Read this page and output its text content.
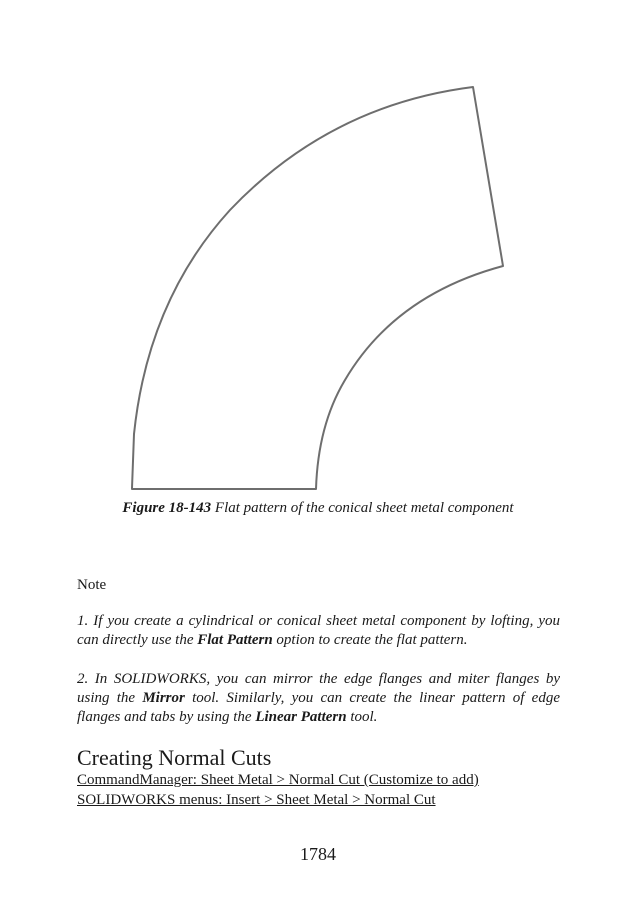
Figure 18-143 Flat pattern of the conical sheet metal component
Note
1. If you create a cylindrical or conical sheet metal component by lofting, you can directly use the Flat Pattern option to create the flat pattern.
2. In SOLIDWORKS, you can mirror the edge flanges and miter flanges by using the Mirror tool. Similarly, you can create the linear pattern of edge flanges and tabs by using the Linear Pattern tool.
Creating Normal Cuts
CommandManager: Sheet Metal > Normal Cut (Customize to add)
SOLIDWORKS menus: Insert > Sheet Metal > Normal Cut
1784
